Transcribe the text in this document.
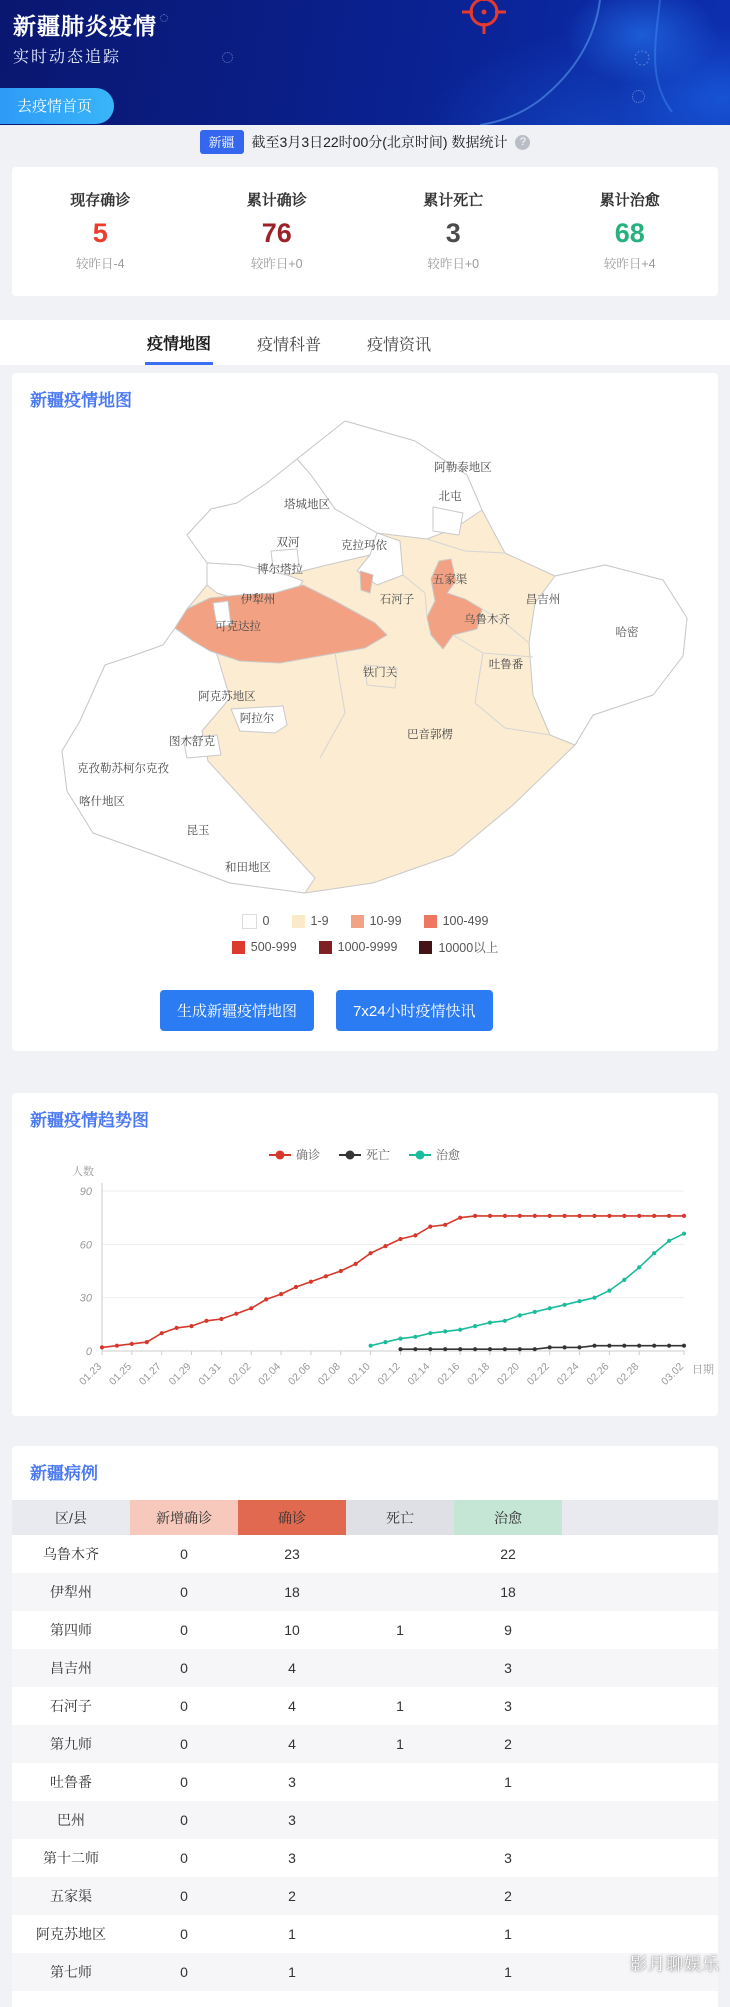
新疆肺炎疫情
实时动态追踪
去疫情首页
新疆	截至3月3日22时00分(北京时间) 数据统计	?
现存确诊
5
较昨日-4
累计确诊
76
较昨日+0
累计死亡
3
较昨日+0
累计治愈
68
较昨日+4
疫情地图	疫情科普	疫情资讯
新疆疫情地图
阿勒泰地区
北屯
塔城地区
双河	克拉玛依
博尔塔拉
五家渠
伊犁州	石河子	昌吉州
乌鲁木齐
可克达拉	哈密
吐鲁番
铁门关
阿克苏地区
阿拉尔
巴音郭楞
图木舒克
克孜勒苏柯尔克孜
喀什地区
昆玉
和田地区
0	1-9	10-99	100-499
500-999	1000-9999	10000以上
生成新疆疫情地图	7x24小时疫情快讯
新疆疫情趋势图
0
30
60
90
人数
01.23 01.25 01.27 01.29 01.31 02.02 02.04 02.06 02.08 02.10 02.12 02.14 02.16 02.18 02.20 02.22 02.24 02.26 02.28 03.02 日期
确诊	死亡	治愈
新疆病例
区/县	新增确诊	确诊	死亡	治愈	
乌鲁木齐	0	23		22	
伊犁州	0	18		18	
第四师	0	10	1	9	
昌吉州	0	4		3	
石河子	0	4	1	3	
第九师	0	4	1	2	
吐鲁番	0	3		1	
巴州	0	3			
第十二师	0	3		3	
五家渠	0	2		2	
阿克苏地区	0	1		1	
第七师	0	1		1		影月聊娱乐
